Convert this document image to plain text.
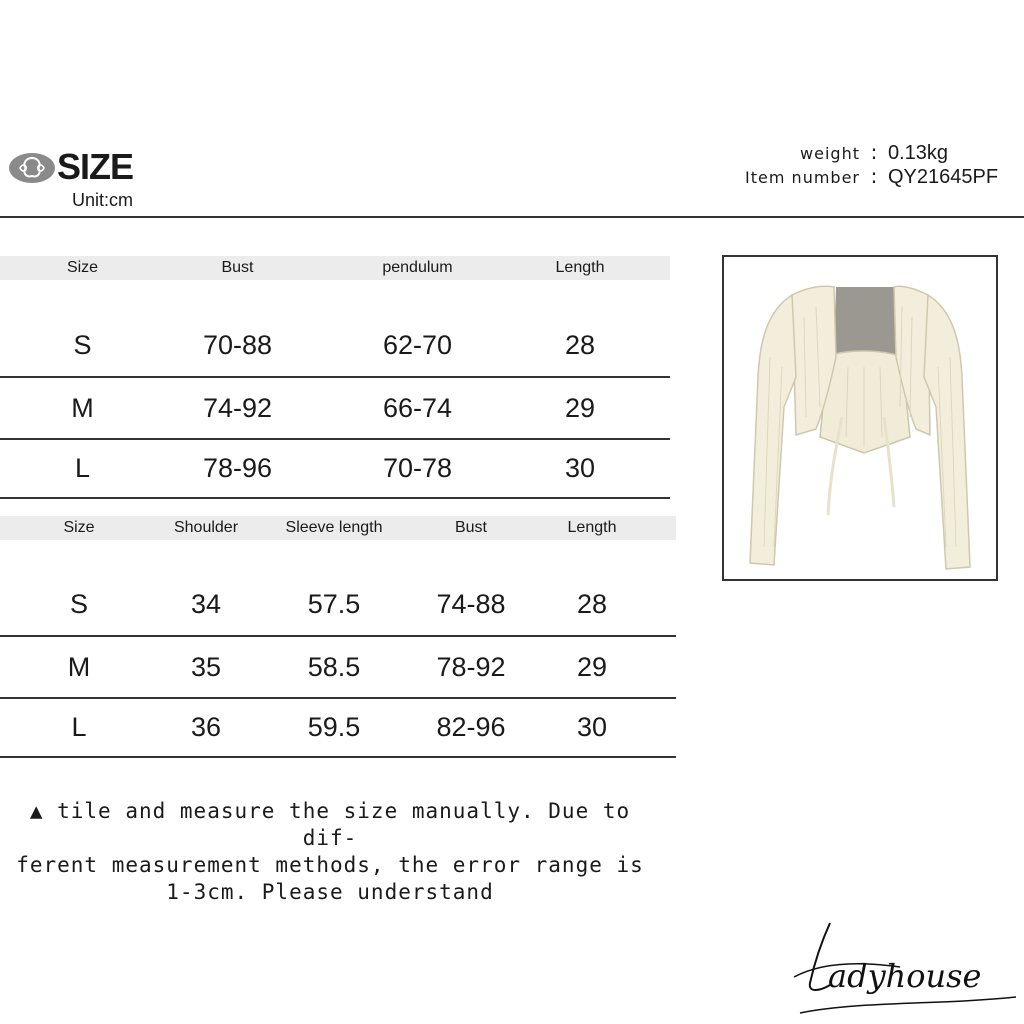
SIZE
Unit:cm
weight : 0.13kg
Item number : QY21645PF
Size	Bust	pendulum	Length
S	70-88	62-70	28
M	74-92	66-74	29
L	78-96	70-78	30
Size	Shoulder	Sleeve length	Bust	Length
S	34	57.5	74-88	28
M	35	58.5	78-92	29
L	36	59.5	82-96	30

▲ tile and measure the size manually. Due to dif-

ferent measurement methods, the error range is

1-3cm. Please understand

adyhouse
